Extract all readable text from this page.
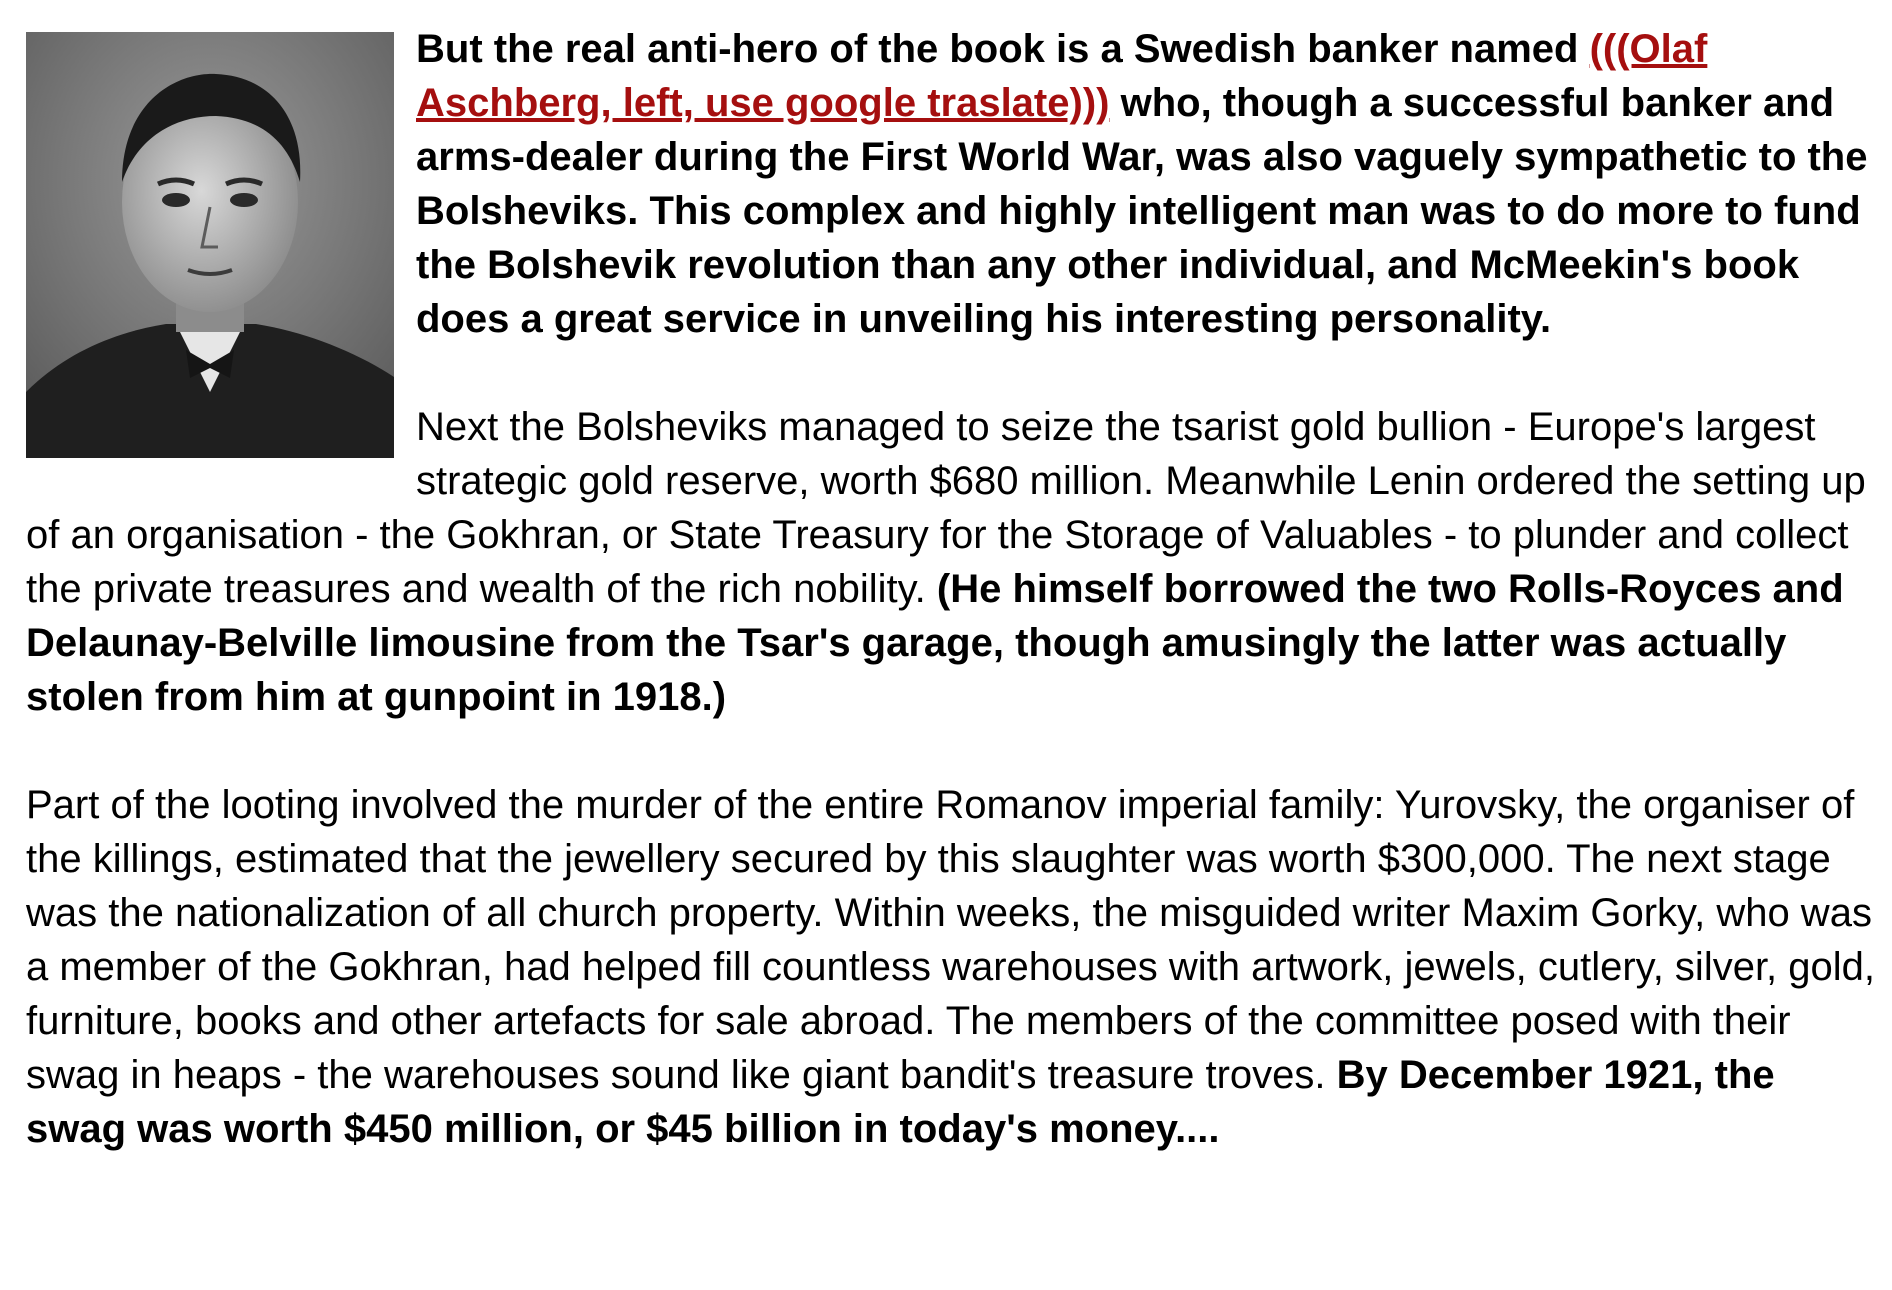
But the real anti-hero of the book is a Swedish banker named (((Olaf Aschberg, left, use google traslate))) who, though a successful banker and arms-dealer during the First World War, was also vaguely sympathetic to the Bolsheviks. This complex and highly intelligent man was to do more to fund the Bolshevik revolution than any other individual, and McMeekin's book does a great service in unveiling his interesting personality.

Next the Bolsheviks managed to seize the tsarist gold bullion - Europe's largest strategic gold reserve, worth $680 million. Meanwhile Lenin ordered the setting up of an organisation - the Gokhran, or State Treasury for the Storage of Valuables - to plunder and collect the private treasures and wealth of the rich nobility. (He himself borrowed the two Rolls-Royces and Delaunay-Belville limousine from the Tsar's garage, though amusingly the latter was actually stolen from him at gunpoint in 1918.)

Part of the looting involved the murder of the entire Romanov imperial family: Yurovsky, the organiser of the killings, estimated that the jewellery secured by this slaughter was worth $300,000. The next stage was the nationalization of all church property. Within weeks, the misguided writer Maxim Gorky, who was a member of the Gokhran, had helped fill countless warehouses with artwork, jewels, cutlery, silver, gold, furniture, books and other artefacts for sale abroad. The members of the committee posed with their swag in heaps - the warehouses sound like giant bandit's treasure troves. By December 1921, the swag was worth $450 million, or $45 billion in today's money....
